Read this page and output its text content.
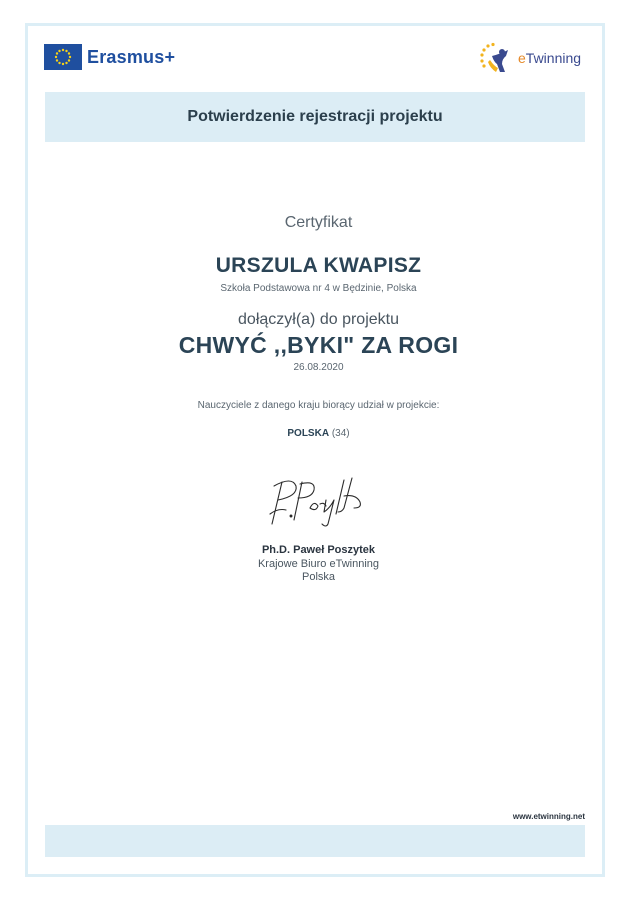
Erasmus+	eTwinning
Potwierdzenie rejestracji projektu
Certyfikat
URSZULA KWAPISZ
Szkoła Podstawowa nr 4 w Będzinie, Polska
dołączył(a) do projektu
CHWYĆ ,,BYKI" ZA ROGI
26.08.2020
Nauczyciele z danego kraju biorący udział w projekcie:
POLSKA (34)
Ph.D. Paweł Poszytek
Krajowe Biuro eTwinning
Polska
www.etwinning.net
